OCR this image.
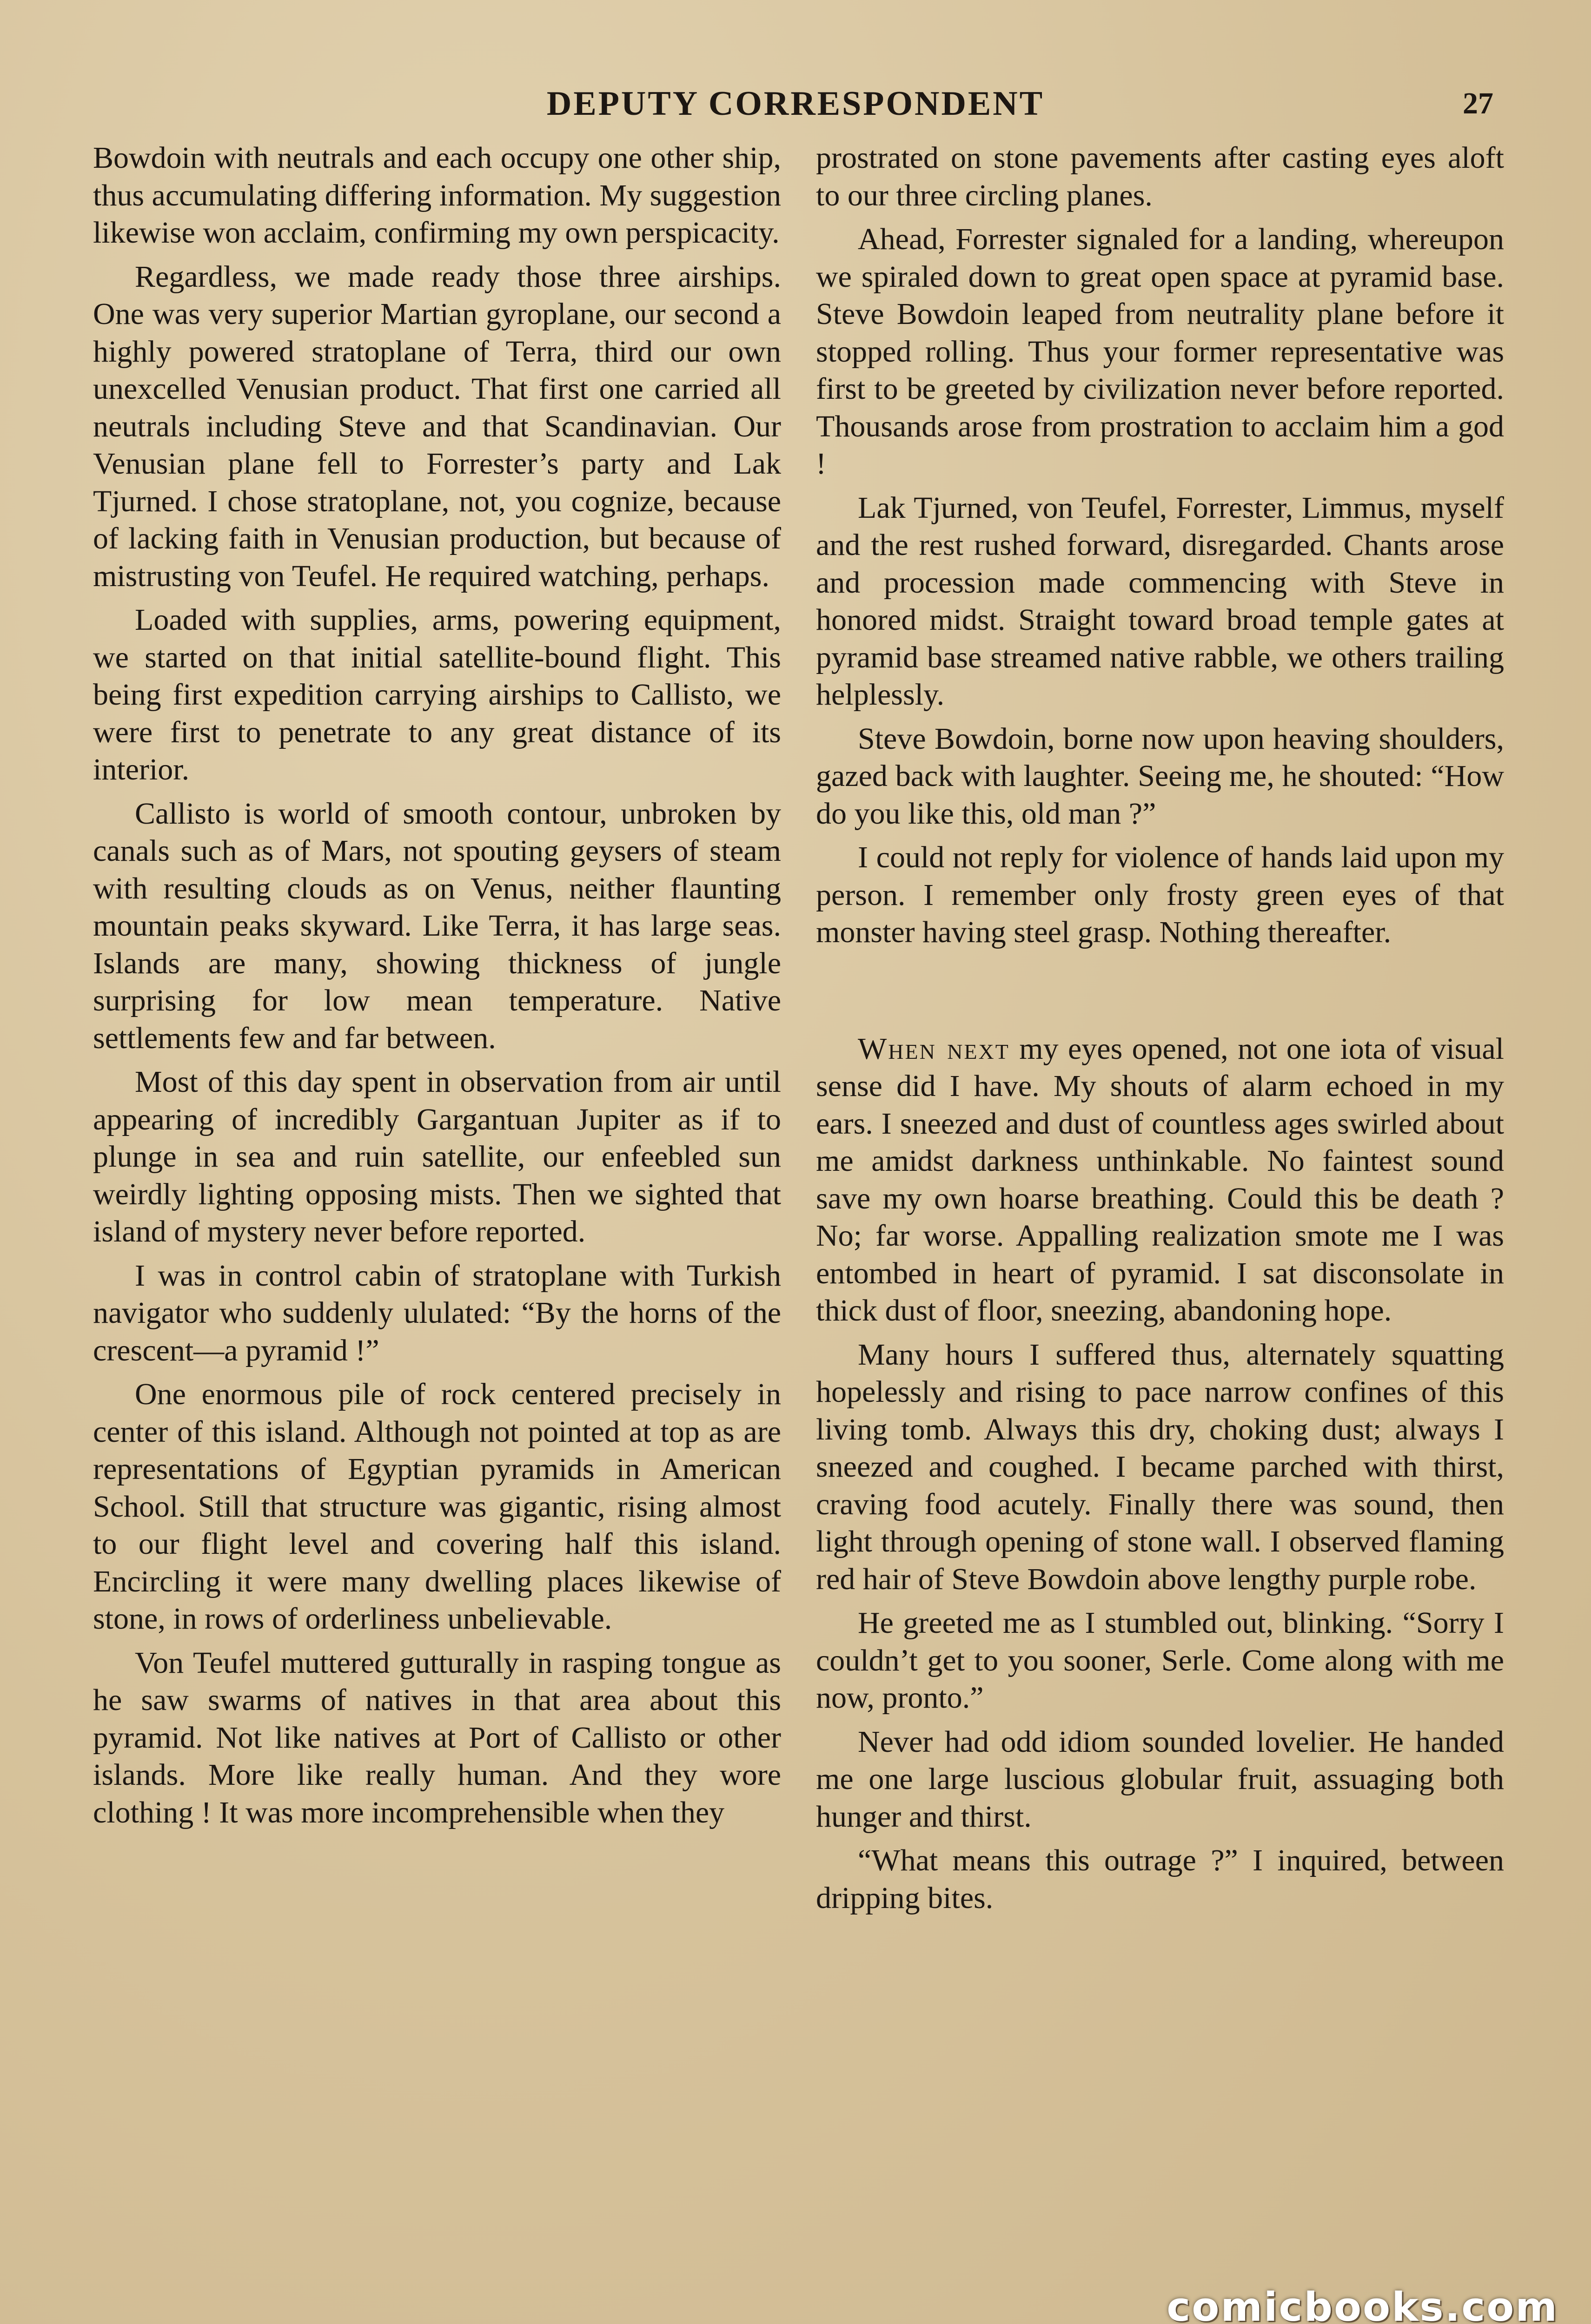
DEPUTY CORRESPONDENT	27

Bowdoin with neutrals and each occupy one other ship, thus accumulating differing information. My suggestion likewise won acclaim, confirming my own perspicacity.

Regardless, we made ready those three airships. One was very superior Martian gyroplane, our second a highly powered stratoplane of Terra, third our own unexcelled Venusian product. That first one carried all neutrals including Steve and that Scandinavian. Our Venusian plane fell to Forrester’s party and Lak Tjurned. I chose stratoplane, not, you cognize, because of lacking faith in Venusian production, but because of mistrusting von Teufel. He required watching, perhaps.

Loaded with supplies, arms, powering equipment, we started on that initial satellite-bound flight. This being first expedition carrying airships to Callisto, we were first to penetrate to any great distance of its interior.

Callisto is world of smooth contour, unbroken by canals such as of Mars, not spouting geysers of steam with resulting clouds as on Venus, neither flaunting mountain peaks skyward. Like Terra, it has large seas. Islands are many, showing thickness of jungle surprising for low mean temperature. Native settlements few and far between.

Most of this day spent in observation from air until appearing of incredibly Gargantuan Jupiter as if to plunge in sea and ruin satellite, our enfeebled sun weirdly lighting opposing mists. Then we sighted that island of mystery never before reported.

I was in control cabin of stratoplane with Turkish navigator who suddenly ululated: “By the horns of the crescent—a pyramid !”

One enormous pile of rock centered precisely in center of this island. Although not pointed at top as are representations of Egyptian pyramids in American School. Still that structure was gigantic, rising almost to our flight level and covering half this island. Encircling it were many dwelling places likewise of stone, in rows of orderliness unbelievable.

Von Teufel muttered gutturally in rasping tongue as he saw swarms of natives in that area about this pyramid. Not like natives at Port of Callisto or other islands. More like really human. And they wore clothing ! It was more incomprehensible when they

prostrated on stone pavements after casting eyes aloft to our three circling planes.

Ahead, Forrester signaled for a landing, whereupon we spiraled down to great open space at pyramid base. Steve Bowdoin leaped from neutrality plane before it stopped rolling. Thus your former representative was first to be greeted by civilization never before reported. Thousands arose from prostration to acclaim him a god !

Lak Tjurned, von Teufel, Forrester, Limmus, myself and the rest rushed forward, disregarded. Chants arose and procession made commencing with Steve in honored midst. Straight toward broad temple gates at pyramid base streamed native rabble, we others trailing helplessly.

Steve Bowdoin, borne now upon heaving shoulders, gazed back with laughter. Seeing me, he shouted: “How do you like this, old man ?”

I could not reply for violence of hands laid upon my person. I remember only frosty green eyes of that monster having steel grasp. Nothing thereafter.

When next my eyes opened, not one iota of visual sense did I have. My shouts of alarm echoed in my ears. I sneezed and dust of countless ages swirled about me amidst darkness unthinkable. No faintest sound save my own hoarse breathing. Could this be death ? No; far worse. Appalling realization smote me I was entombed in heart of pyramid. I sat disconsolate in thick dust of floor, sneezing, abandoning hope.

Many hours I suffered thus, alternately squatting hopelessly and rising to pace narrow confines of this living tomb. Always this dry, choking dust; always I sneezed and coughed. I became parched with thirst, craving food acutely. Finally there was sound, then light through opening of stone wall. I observed flaming red hair of Steve Bowdoin above lengthy purple robe.

He greeted me as I stumbled out, blinking. “Sorry I couldn’t get to you sooner, Serle. Come along with me now, pronto.”

Never had odd idiom sounded lovelier. He handed me one large luscious globular fruit, assuaging both hunger and thirst.

“What means this outrage ?” I inquired, between dripping bites.

comicbooks.com
